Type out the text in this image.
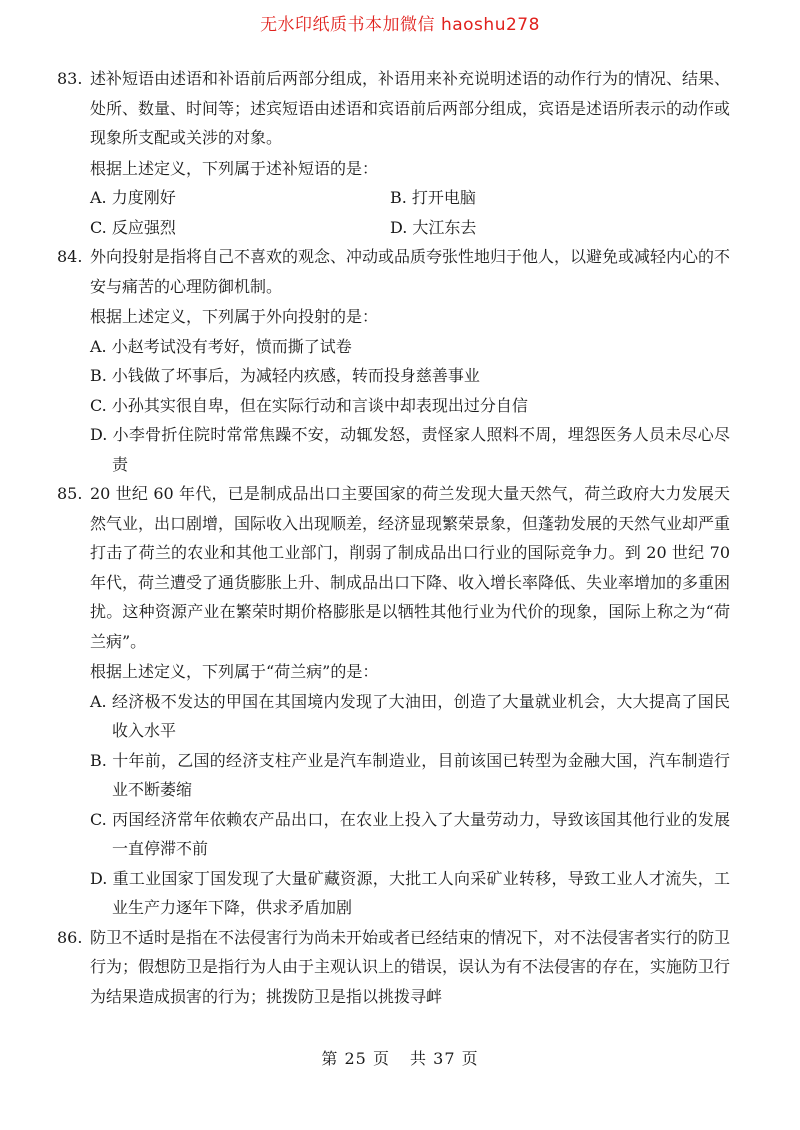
无水印纸质书本加微信 haoshu278
83. 述补短语由述语和补语前后两部分组成，补语用来补充说明述语的动作行为的情况、结果、处所、数量、时间等；述宾短语由述语和宾语前后两部分组成，宾语是述语所表示的动作或现象所支配或关涉的对象。
根据上述定义，下列属于述补短语的是：
A. 力度刚好	B. 打开电脑
C. 反应强烈	D. 大江东去
84. 外向投射是指将自己不喜欢的观念、冲动或品质夸张性地归于他人，以避免或减轻内心的不安与痛苦的心理防御机制。
根据上述定义，下列属于外向投射的是：
A. 小赵考试没有考好，愤而撕了试卷
B. 小钱做了坏事后，为减轻内疚感，转而投身慈善事业
C. 小孙其实很自卑，但在实际行动和言谈中却表现出过分自信
D. 小李骨折住院时常常焦躁不安，动辄发怒，责怪家人照料不周，埋怨医务人员未尽心尽责
85. 20 世纪 60 年代，已是制成品出口主要国家的荷兰发现大量天然气，荷兰政府大力发展天然气业，出口剧增，国际收入出现顺差，经济显现繁荣景象，但蓬勃发展的天然气业却严重打击了荷兰的农业和其他工业部门，削弱了制成品出口行业的国际竞争力。到 20 世纪 70 年代，荷兰遭受了通货膨胀上升、制成品出口下降、收入增长率降低、失业率增加的多重困扰。这种资源产业在繁荣时期价格膨胀是以牺牲其他行业为代价的现象，国际上称之为“荷兰病”。
根据上述定义，下列属于“荷兰病”的是：
A. 经济极不发达的甲国在其国境内发现了大油田，创造了大量就业机会，大大提高了国民收入水平
B. 十年前，乙国的经济支柱产业是汽车制造业，目前该国已转型为金融大国，汽车制造行业不断萎缩
C. 丙国经济常年依赖农产品出口，在农业上投入了大量劳动力，导致该国其他行业的发展一直停滞不前
D. 重工业国家丁国发现了大量矿藏资源，大批工人向采矿业转移，导致工业人才流失，工业生产力逐年下降，供求矛盾加剧
86. 防卫不适时是指在不法侵害行为尚未开始或者已经结束的情况下，对不法侵害者实行的防卫行为；假想防卫是指行为人由于主观认识上的错误，误认为有不法侵害的存在，实施防卫行为结果造成损害的行为；挑拨防卫是指以挑拨寻衅
第 25 页 共 37 页
